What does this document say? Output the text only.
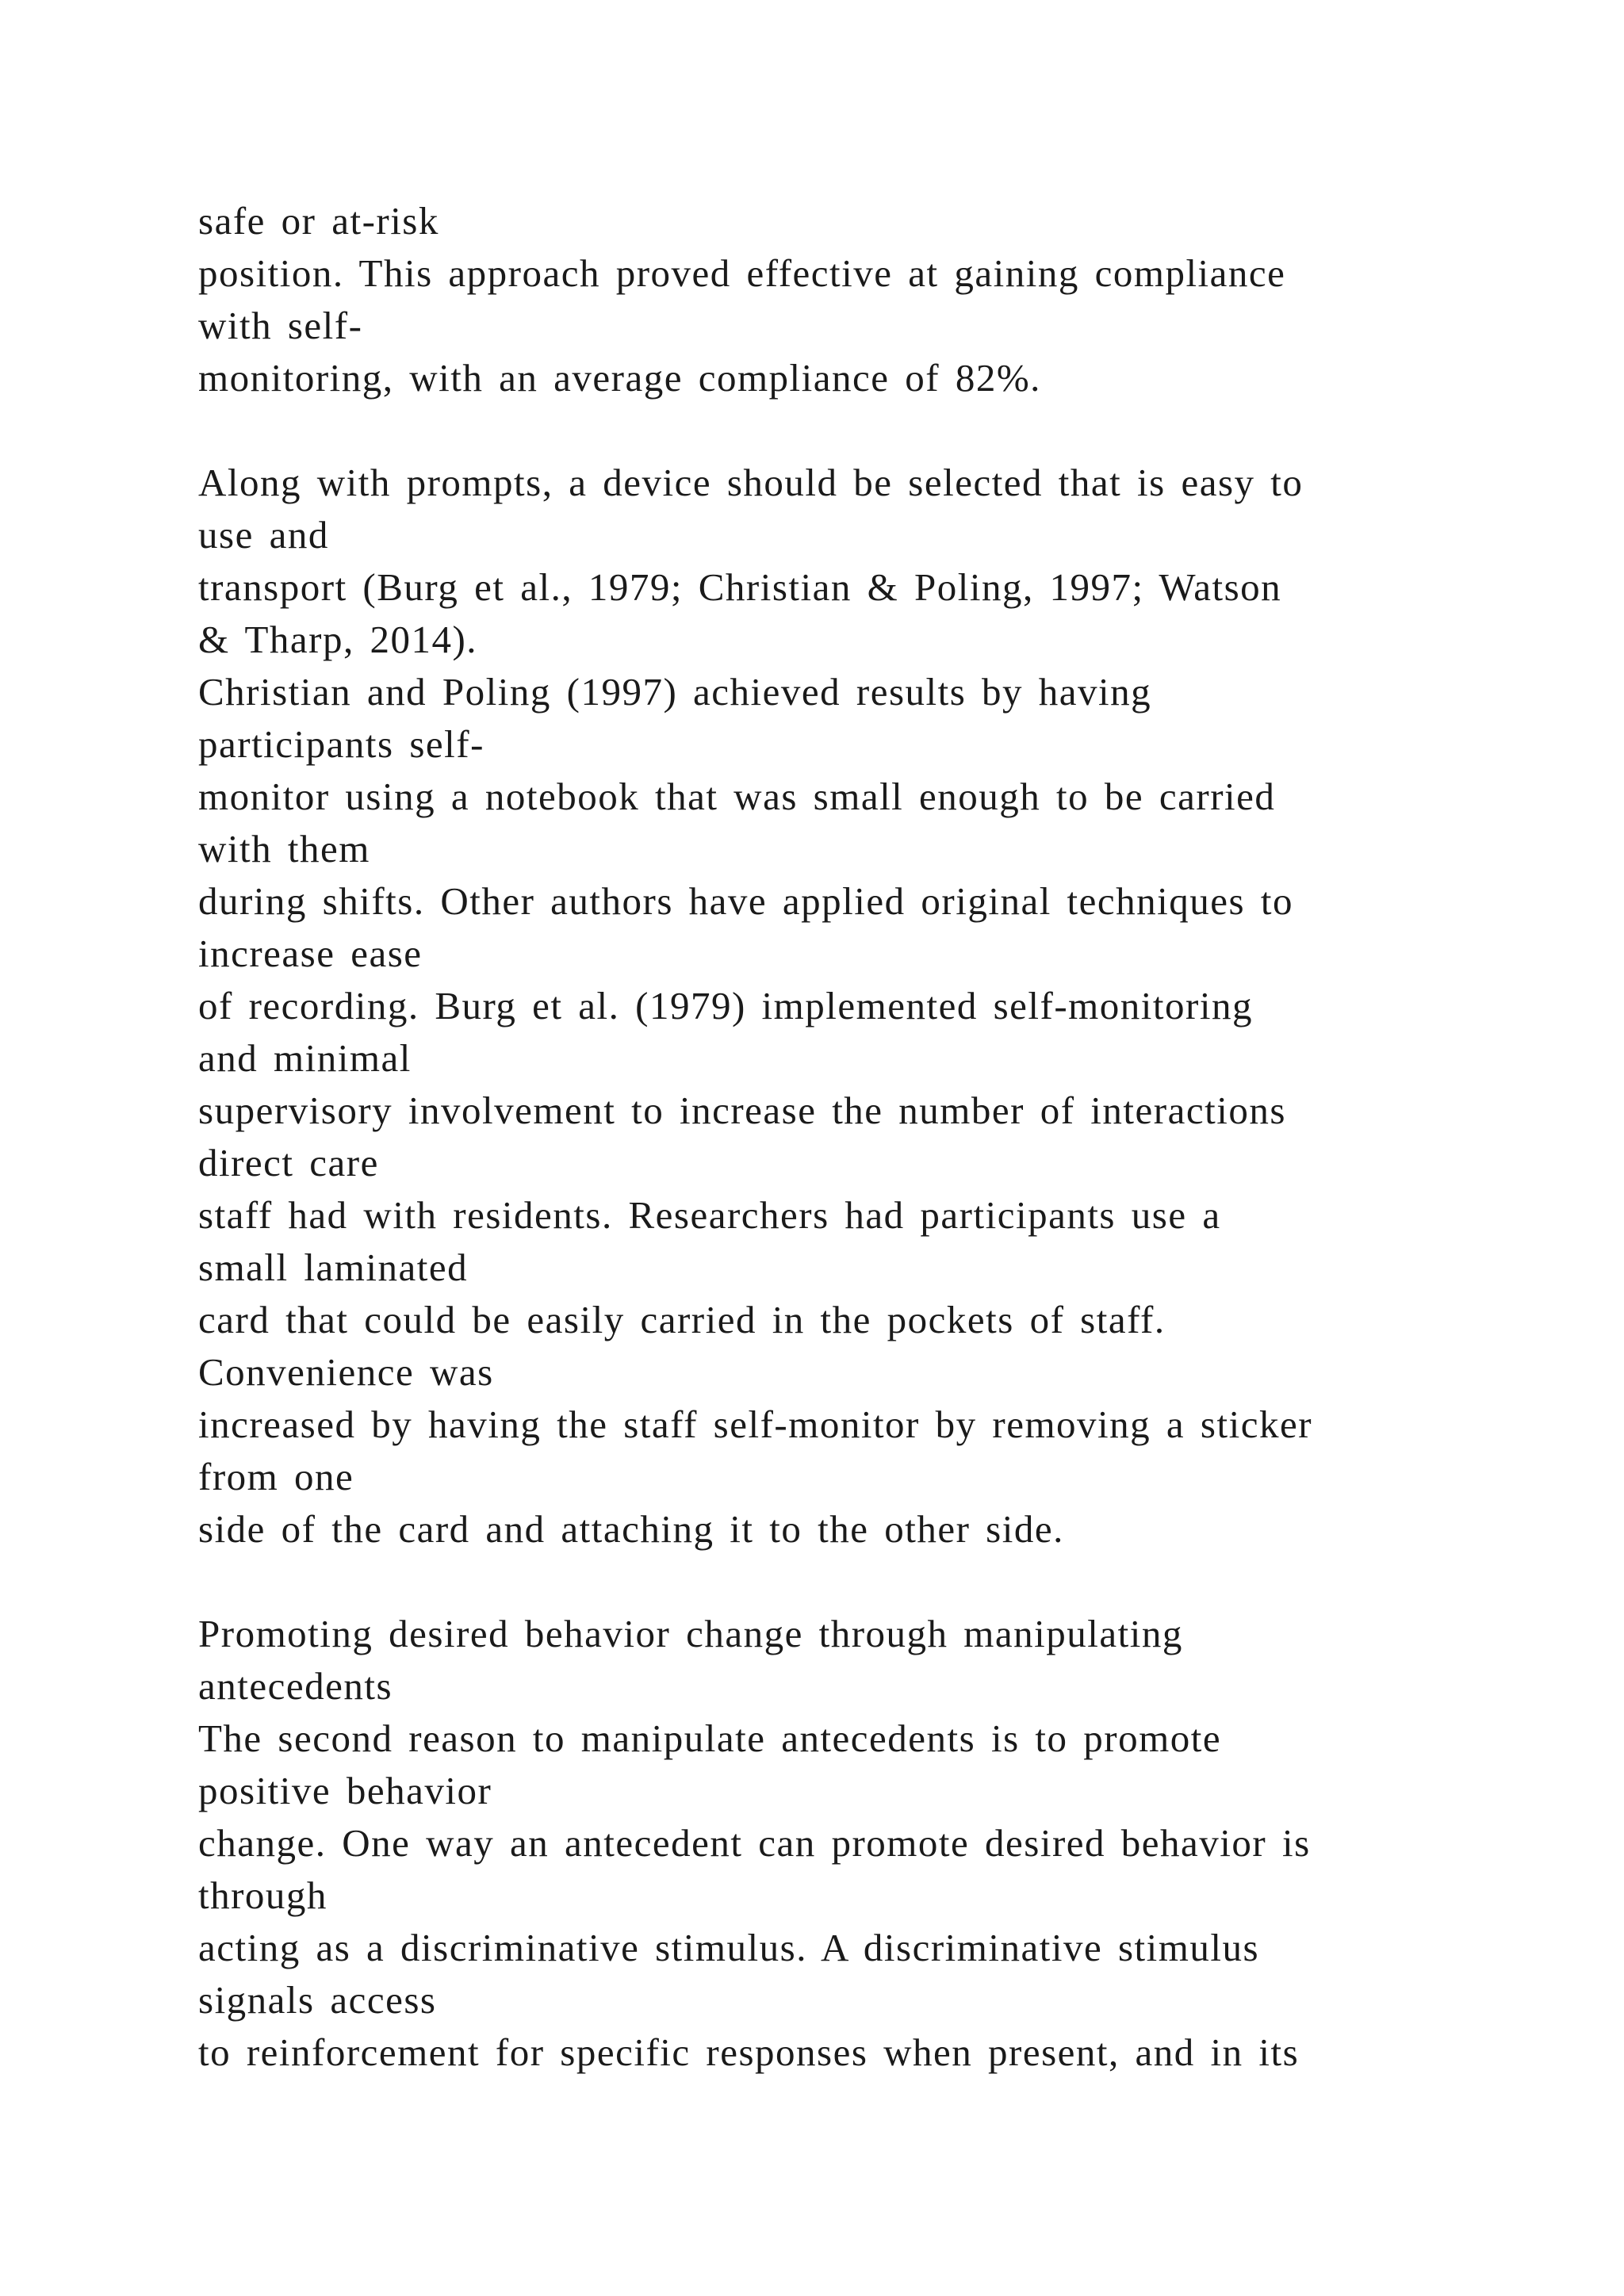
safe or at-risk
position. This approach proved effective at gaining compliance
with self-
monitoring, with an average compliance of 82%.
Along with prompts, a device should be selected that is easy to
use and
transport (Burg et al., 1979; Christian & Poling, 1997; Watson
& Tharp, 2014).
Christian and Poling (1997) achieved results by having
participants self-
monitor using a notebook that was small enough to be carried
with them
during shifts. Other authors have applied original techniques to
increase ease
of recording. Burg et al. (1979) implemented self-monitoring
and minimal
supervisory involvement to increase the number of interactions
direct care
staff had with residents. Researchers had participants use a
small laminated
card that could be easily carried in the pockets of staff.
Convenience was
increased by having the staff self-monitor by removing a sticker
from one
side of the card and attaching it to the other side.
Promoting desired behavior change through manipulating
antecedents
The second reason to manipulate antecedents is to promote
positive behavior
change. One way an antecedent can promote desired behavior is
through
acting as a discriminative stimulus. A discriminative stimulus
signals access
to reinforcement for specific responses when present, and in its
